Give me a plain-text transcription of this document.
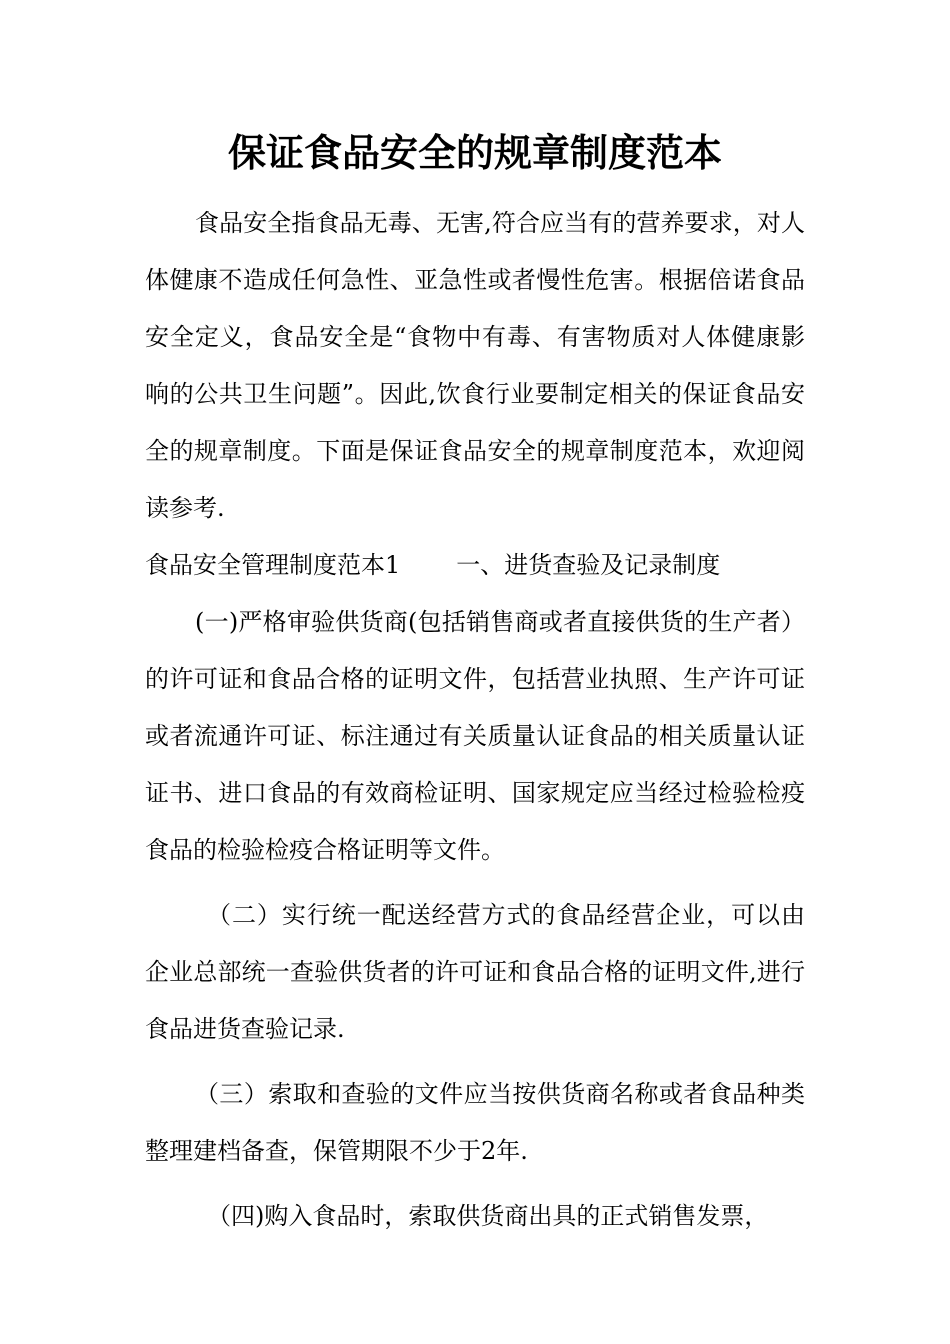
保证食品安全的规章制度范本

食品安全指食品无毒、无害,符合应当有的营养要求，对人体健康不造成任何急性、亚急性或者慢性危害。根据倍诺食品安全定义，食品安全是“食物中有毒、有害物质对人体健康影响的公共卫生问题”。因此,饮食行业要制定相关的保证食品安全的规章制度。下面是保证食品安全的规章制度范本，欢迎阅读参考.

食品安全管理制度范本1 一、进货查验及记录制度

(一)严格审验供货商(包括销售商或者直接供货的生产者）的许可证和食品合格的证明文件，包括营业执照、生产许可证或者流通许可证、标注通过有关质量认证食品的相关质量认证证书、进口食品的有效商检证明、国家规定应当经过检验检疫食品的检验检疫合格证明等文件。

（二）实行统一配送经营方式的食品经营企业，可以由企业总部统一查验供货者的许可证和食品合格的证明文件,进行食品进货查验记录.

（三）索取和查验的文件应当按供货商名称或者食品种类整理建档备查，保管期限不少于2年.

（四)购入食品时，索取供货商出具的正式销售发票，
